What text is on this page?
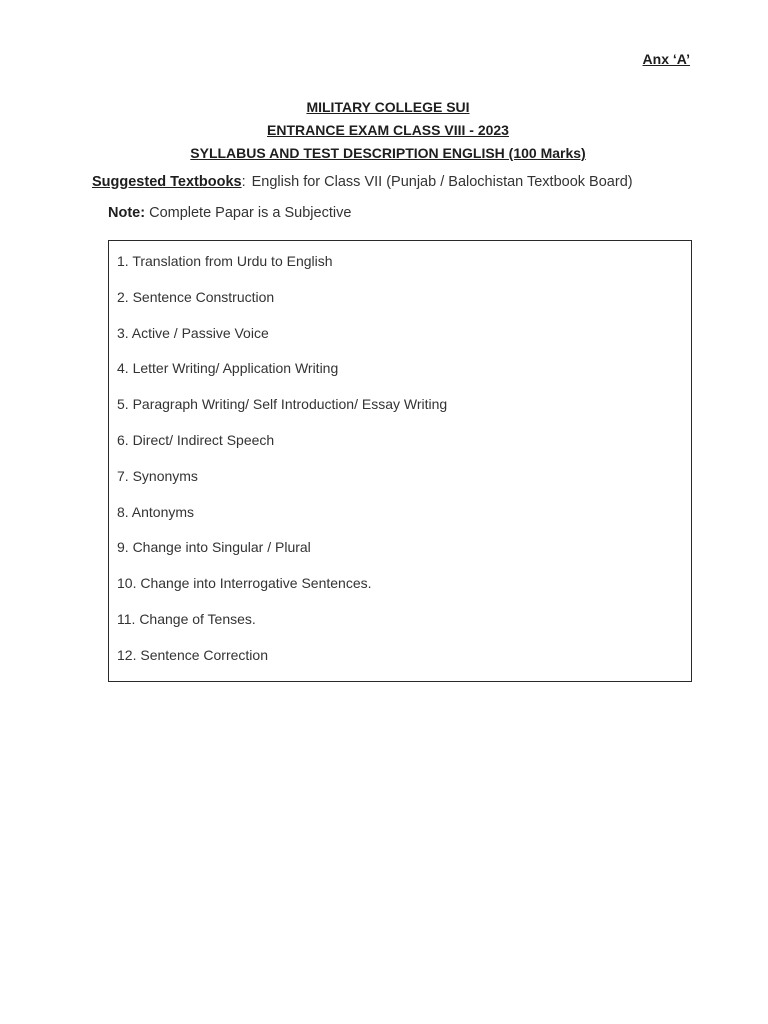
Anx ‘A’
MILITARY COLLEGE SUI
ENTRANCE EXAM CLASS VIII - 2023
SYLLABUS AND TEST DESCRIPTION ENGLISH (100 Marks)
Suggested Textbooks: English for Class VII (Punjab / Balochistan Textbook Board)
Note: Complete Papar is a Subjective
1. Translation from Urdu to English
2. Sentence Construction
3. Active / Passive Voice
4. Letter Writing/ Application Writing
5. Paragraph Writing/ Self Introduction/ Essay Writing
6. Direct/ Indirect Speech
7. Synonyms
8. Antonyms
9. Change into Singular / Plural
10. Change into Interrogative Sentences.
11. Change of Tenses.
12. Sentence Correction
